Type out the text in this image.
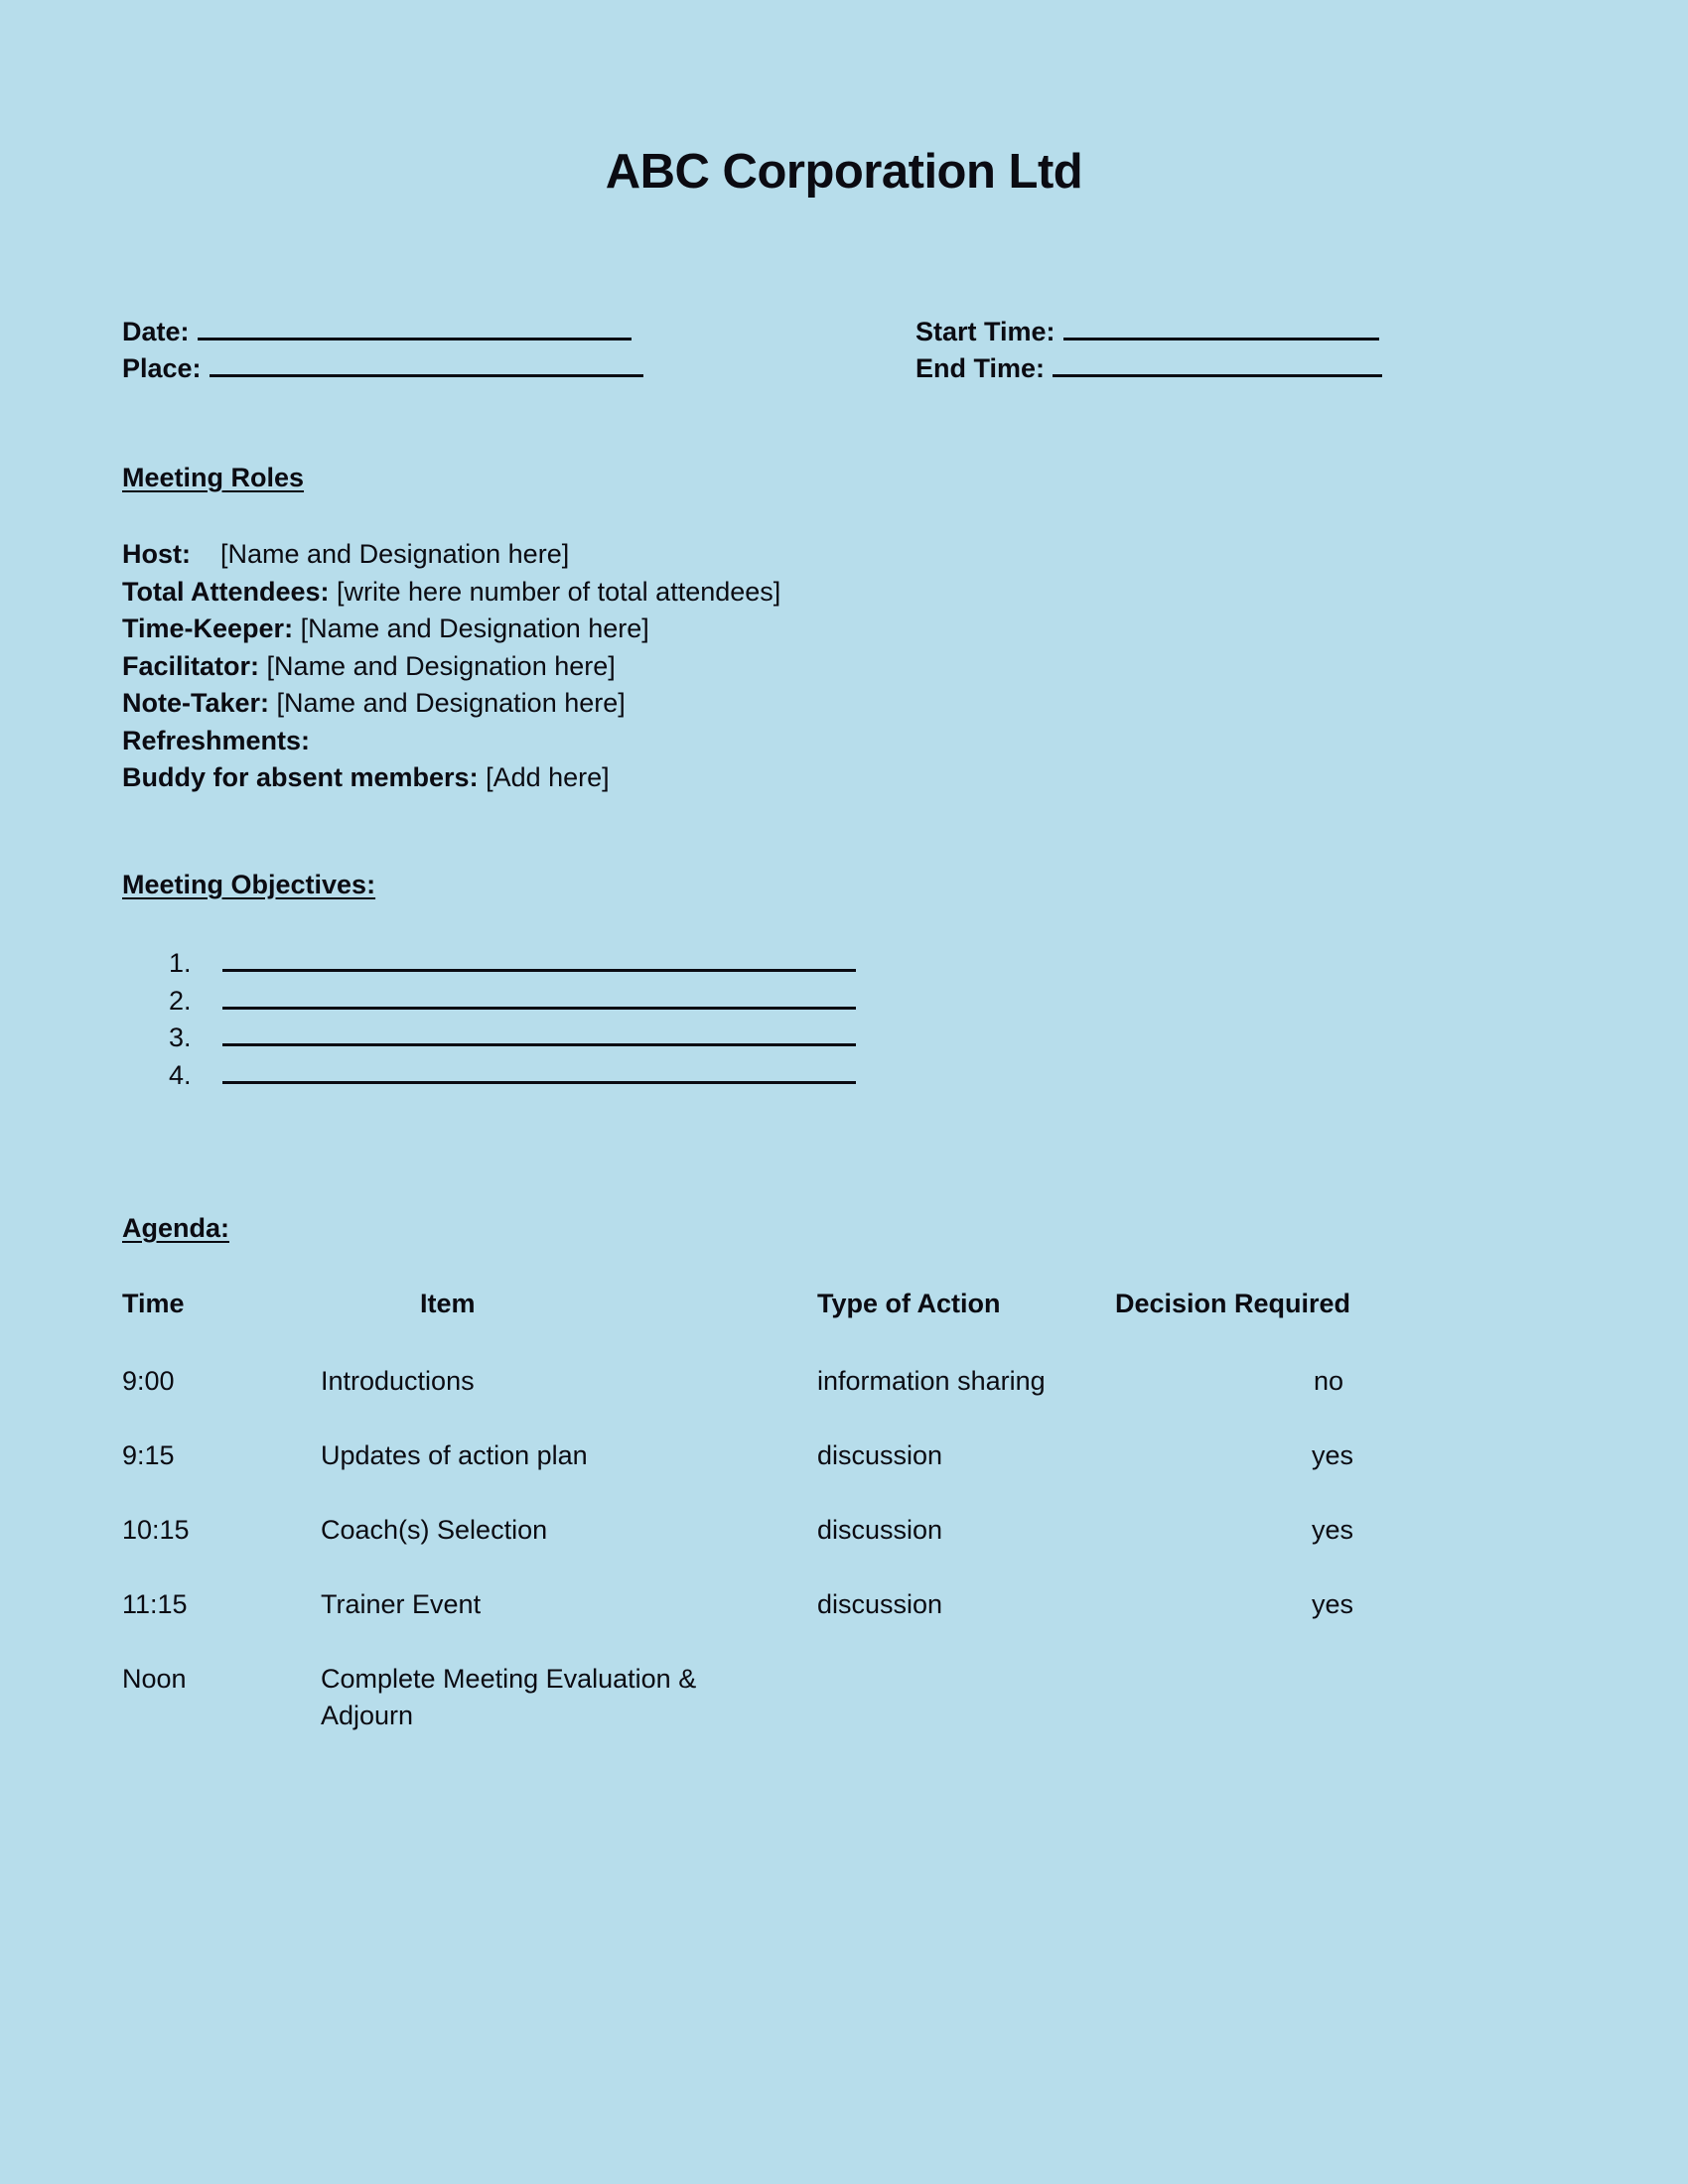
ABC Corporation Ltd
Date:
Place:
Start Time:
End Time:
Meeting Roles
Host: [Name and Designation here]
Total Attendees: [write here number of total attendees]
Time-Keeper: [Name and Designation here]
Facilitator: [Name and Designation here]
Note-Taker: [Name and Designation here]
Refreshments:
Buddy for absent members: [Add here]
Meeting Objectives:
1.
2.
3.
4.
Agenda:
Time	Item	Type of Action	Decision Required
9:00	Introductions	information sharing	no
9:15	Updates of action plan	discussion	yes
10:15	Coach(s) Selection	discussion	yes
11:15	Trainer Event	discussion	yes
Noon	Complete Meeting Evaluation & Adjourn
